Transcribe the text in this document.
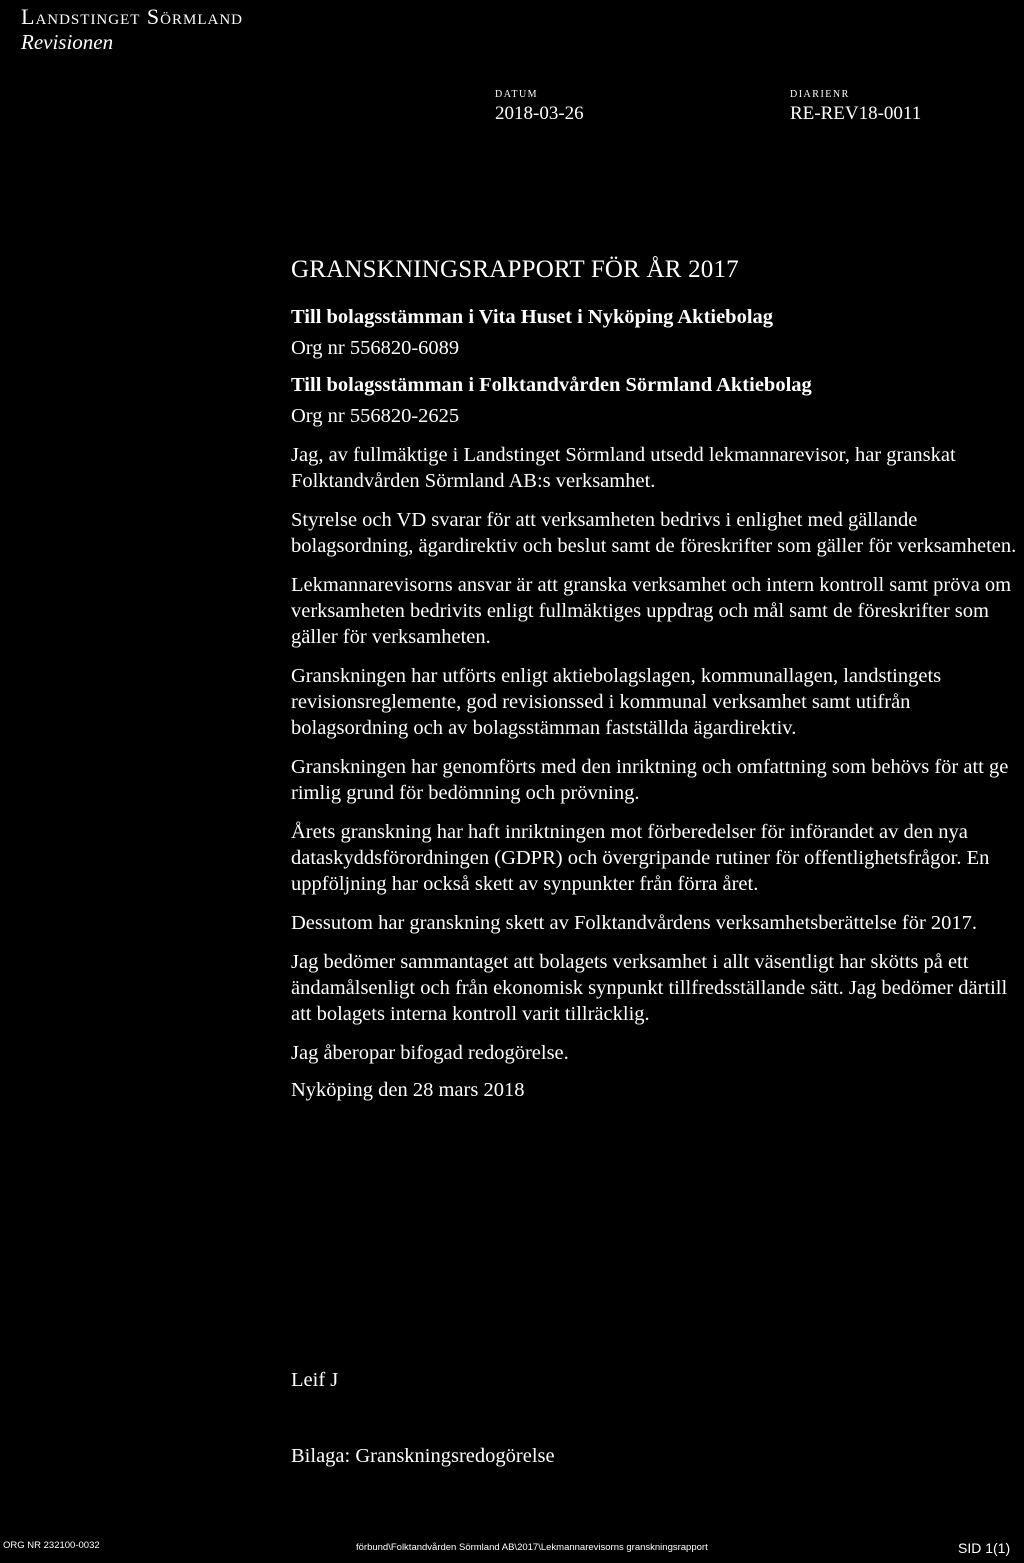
Landstinget Sörmland
Revisionen
DATUM
2018-03-26
DIARIENR
RE-REV18-0011
GRANSKNINGSRAPPORT FÖR ÅR 2017

Till bolagsstämman i Vita Huset i Nyköping Aktiebolag

Org nr 556820-6089

Till bolagsstämman i Folktandvården Sörmland Aktiebolag

Org nr 556820-2625

Jag, av fullmäktige i Landstinget Sörmland utsedd lekmannarevisor, har granskat Folktandvården Sörmland AB:s verksamhet.

Styrelse och VD svarar för att verksamheten bedrivs i enlighet med gällande bolagsordning, ägardirektiv och beslut samt de föreskrifter som gäller för verksamheten.

Lekmannarevisorns ansvar är att granska verksamhet och intern kontroll samt pröva om verksamheten bedrivits enligt fullmäktiges uppdrag och mål samt de föreskrifter som gäller för verksamheten.

Granskningen har utförts enligt aktiebolagslagen, kommunallagen, landstingets revisionsreglemente, god revisionssed i kommunal verksamhet samt utifrån bolagsordning och av bolagsstämman fastställda ägardirektiv.

Granskningen har genomförts med den inriktning och omfattning som behövs för att ge rimlig grund för bedömning och prövning.

Årets granskning har haft inriktningen mot förberedelser för införandet av den nya dataskyddsförordningen (GDPR) och övergripande rutiner för offentlighetsfrågor. En uppföljning har också skett av synpunkter från förra året.

Dessutom har granskning skett av Folktandvårdens verksamhetsberättelse för 2017.

Jag bedömer sammantaget att bolagets verksamhet i allt väsentligt har skötts på ett ändamålsenligt och från ekonomisk synpunkt tillfredsställande sätt. Jag bedömer därtill att bolagets interna kontroll varit tillräcklig.

Jag åberopar bifogad redogörelse.

Nyköping den 28 mars 2018

Leif J
Bilaga: Granskningsredogörelse
ORG NR 232100-0032	förbund\Folktandvården Sörmland AB\2017\Lekmannarevisorns granskningsrapport	SID 1(1)
